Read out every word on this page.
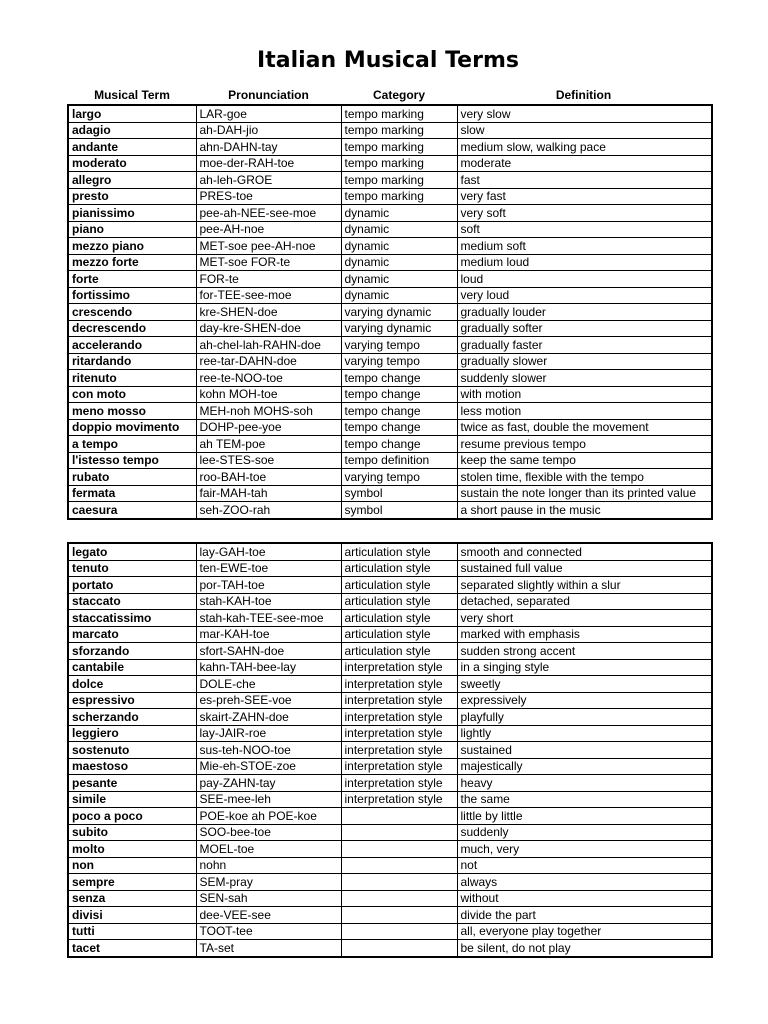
Italian Musical Terms
Musical Term	Pronunciation	Category	Definition
largo	LAR-goe	tempo marking	very slow
adagio	ah-DAH-jio	tempo marking	slow
andante	ahn-DAHN-tay	tempo marking	medium slow, walking pace
moderato	moe-der-RAH-toe	tempo marking	moderate
allegro	ah-leh-GROE	tempo marking	fast
presto	PRES-toe	tempo marking	very fast
pianissimo	pee-ah-NEE-see-moe	dynamic	very soft
piano	pee-AH-noe	dynamic	soft
mezzo piano	MET-soe pee-AH-noe	dynamic	medium soft
mezzo forte	MET-soe FOR-te	dynamic	medium loud
forte	FOR-te	dynamic	loud
fortissimo	for-TEE-see-moe	dynamic	very loud
crescendo	kre-SHEN-doe	varying dynamic	gradually louder
decrescendo	day-kre-SHEN-doe	varying dynamic	gradually softer
accelerando	ah-chel-lah-RAHN-doe	varying tempo	gradually faster
ritardando	ree-tar-DAHN-doe	varying tempo	gradually slower
ritenuto	ree-te-NOO-toe	tempo change	suddenly slower
con moto	kohn MOH-toe	tempo change	with motion
meno mosso	MEH-noh MOHS-soh	tempo change	less motion
doppio movimento	DOHP-pee-yoe	tempo change	twice as fast, double the movement
a tempo	ah TEM-poe	tempo change	resume previous tempo
l'istesso tempo	lee-STES-soe	tempo definition	keep the same tempo
rubato	roo-BAH-toe	varying tempo	stolen time, flexible with the tempo
fermata	fair-MAH-tah	symbol	sustain the note longer than its printed value
caesura	seh-ZOO-rah	symbol	a short pause in the music
legato	lay-GAH-toe	articulation style	smooth and connected
tenuto	ten-EWE-toe	articulation style	sustained full value
portato	por-TAH-toe	articulation style	separated slightly within a slur
staccato	stah-KAH-toe	articulation style	detached, separated
staccatissimo	stah-kah-TEE-see-moe	articulation style	very short
marcato	mar-KAH-toe	articulation style	marked with emphasis
sforzando	sfort-SAHN-doe	articulation style	sudden strong accent
cantabile	kahn-TAH-bee-lay	interpretation style	in a singing style
dolce	DOLE-che	interpretation style	sweetly
espressivo	es-preh-SEE-voe	interpretation style	expressively
scherzando	skairt-ZAHN-doe	interpretation style	playfully
leggiero	lay-JAIR-roe	interpretation style	lightly
sostenuto	sus-teh-NOO-toe	interpretation style	sustained
maestoso	Mie-eh-STOE-zoe	interpretation style	majestically
pesante	pay-ZAHN-tay	interpretation style	heavy
simile	SEE-mee-leh	interpretation style	the same
poco a poco	POE-koe ah POE-koe		little by little
subito	SOO-bee-toe		suddenly
molto	MOEL-toe		much, very
non	nohn		not
sempre	SEM-pray		always
senza	SEN-sah		without
divisi	dee-VEE-see		divide the part
tutti	TOOT-tee		all, everyone play together
tacet	TA-set		be silent, do not play
